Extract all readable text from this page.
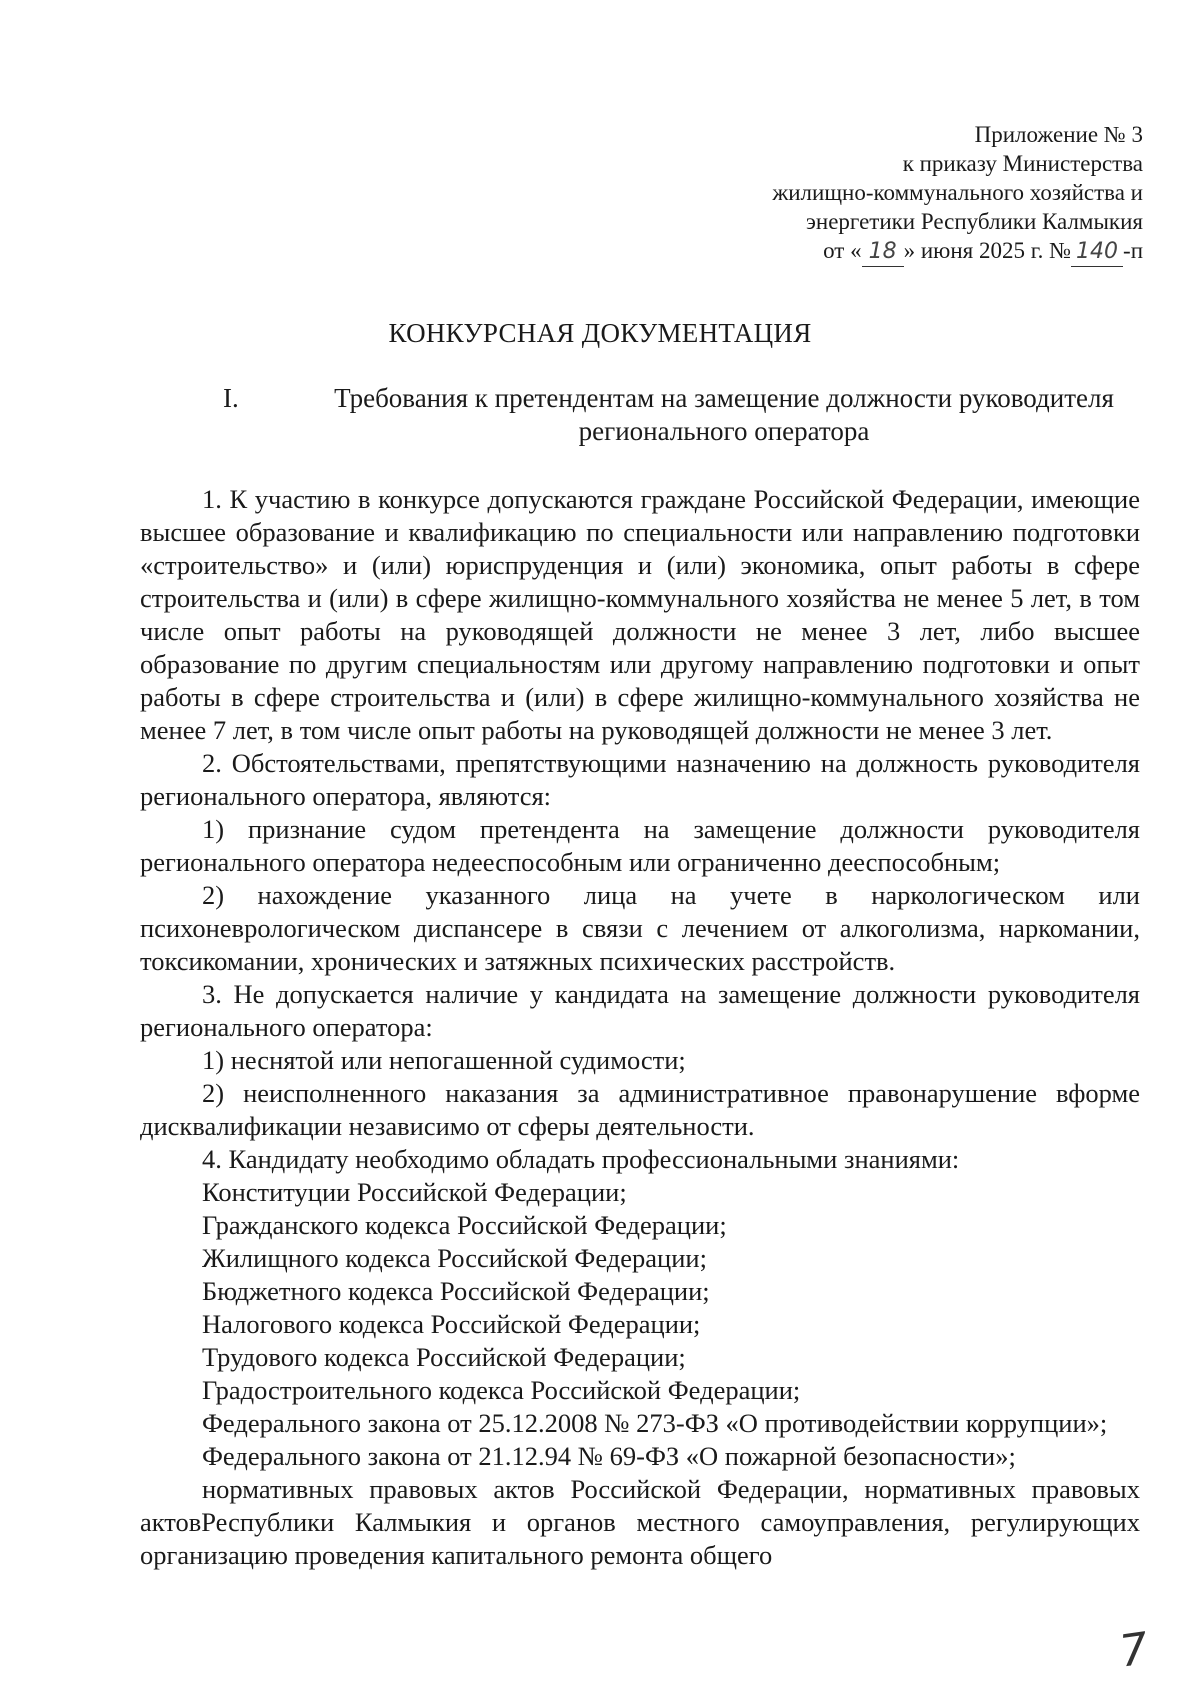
Приложение № 3
к приказу Министерства
жилищно-коммунального хозяйства и
энергетики Республики Калмыкия
от « 18 » июня 2025 г. № 140 -п
КОНКУРСНАЯ ДОКУМЕНТАЦИЯ
I.	Требования к претендентам на замещение должности руководителя регионального оператора

1. К участию в конкурсе допускаются граждане Российской Федерации, имеющие высшее образование и квалификацию по специальности или направлению подготовки «строительство» и (или) юриспруденция и (или) экономика, опыт работы в сфере строительства и (или) в сфере жилищно-коммунального хозяйства не менее 5 лет, в том числе опыт работы на руководящей должности не менее 3 лет, либо высшее образование по другим специальностям или другому направлению подготовки и опыт работы в сфере строительства и (или) в сфере жилищно-коммунального хозяйства не менее 7 лет, в том числе опыт работы на руководящей должности не менее 3 лет.

2. Обстоятельствами, препятствующими назначению на должность руководителя регионального оператора, являются:

1) признание судом претендента на замещение должности руководителя регионального оператора недееспособным или ограниченно дееспособным;

2) нахождение указанного лица на учете в наркологическом или психоневрологическом диспансере в связи с лечением от алкоголизма, наркомании, токсикомании, хронических и затяжных психических расстройств.

3. Не допускается наличие у кандидата на замещение должности руководителя регионального оператора:

1) неснятой или непогашенной судимости;

2) неисполненного наказания за административное правонарушение вформе дисквалификации независимо от сферы деятельности.

4. Кандидату необходимо обладать профессиональными знаниями:

Конституции Российской Федерации;

Гражданского кодекса Российской Федерации;

Жилищного кодекса Российской Федерации;

Бюджетного кодекса Российской Федерации;

Налогового кодекса Российской Федерации;

Трудового кодекса Российской Федерации;

Градостроительного кодекса Российской Федерации;

Федерального закона от 25.12.2008 № 273-ФЗ «О противодействии коррупции»;

Федерального закона от 21.12.94 № 69-ФЗ «О пожарной безопасности»;

нормативных правовых актов Российской Федерации, нормативных правовых актовРеспублики Калмыкия и органов местного самоуправления, регулирующих организацию проведения капитального ремонта общего

7
